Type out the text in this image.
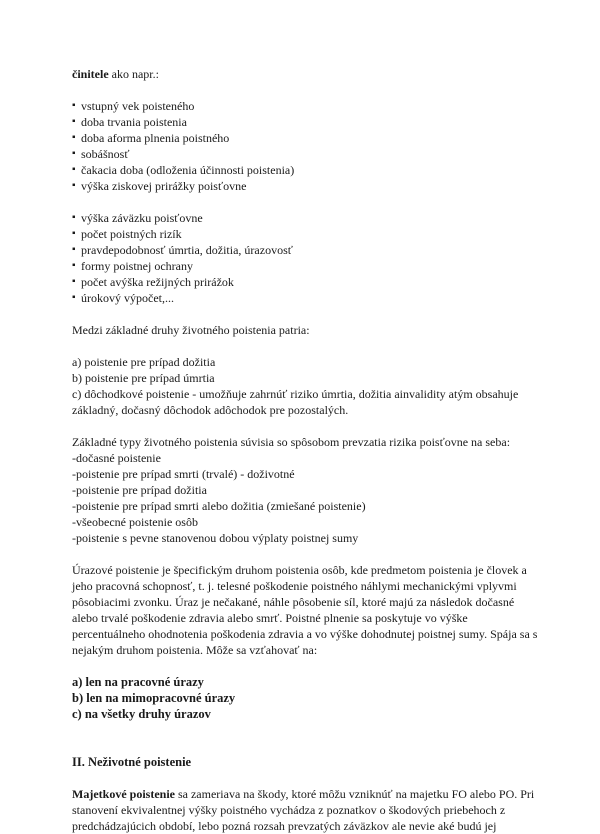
činitele ako napr.:

▪ vstupný vek poisteného
▪ doba trvania poistenia
▪ doba aforma plnenia poistného
▪ sobášnosť
▪ čakacia doba (odloženia účinnosti poistenia)
▪ výška ziskovej prirážky poisťovne
▪ výška záväzku poisťovne
▪ počet poistných rizík
▪ pravdepodobnosť úmrtia, dožitia, úrazovosť
▪ formy poistnej ochrany
▪ počet avýška režijných prirážok
▪ úrokový výpočet,...

Medzi základné druhy životného poistenia patria:

a) poistenie pre prípad dožitia
b) poistenie pre prípad úmrtia
c) dôchodkové poistenie - umožňuje zahrnúť riziko úmrtia, dožitia ainvalidity atým obsahuje základný, dočasný dôchodok adôchodok pre pozostalých.

Základné typy životného poistenia súvisia so spôsobom prevzatia rizika poisťovne na seba:

-dočasné poistenie
-poistenie pre prípad smrti (trvalé) - doživotné
-poistenie pre prípad dožitia
-poistenie pre prípad smrti alebo dožitia (zmiešané poistenie)
-všeobecné poistenie osôb
-poistenie s pevne stanovenou dobou výplaty poistnej sumy

Úrazové poistenie je špecifickým druhom poistenia osôb, kde predmetom poistenia je človek a jeho pracovná schopnosť, t. j. telesné poškodenie poistného náhlymi mechanickými vplyvmi pôsobiacimi zvonku. Úraz je nečakané, náhle pôsobenie síl, ktoré majú za následok dočasné alebo trvalé poškodenie zdravia alebo smrť. Poistné plnenie sa poskytuje vo výške percentuálneho ohodnotenia poškodenia zdravia a vo výške dohodnutej poistnej sumy. Spája sa s nejakým druhom poistenia. Môže sa vzťahovať na:

a) len na pracovné úrazy
b) len na mimopracovné úrazy
c) na všetky druhy úrazov
II. Neživotné poistenie

Majetkové poistenie sa zameriava na škody, ktoré môžu vzniknúť na majetku FO alebo PO. Pri stanovení ekvivalentnej výšky poistného vychádza z poznatkov o škodových priebehoch z predchádzajúcich období, lebo pozná rozsah prevzatých záväzkov ale nevie aké budú jej
